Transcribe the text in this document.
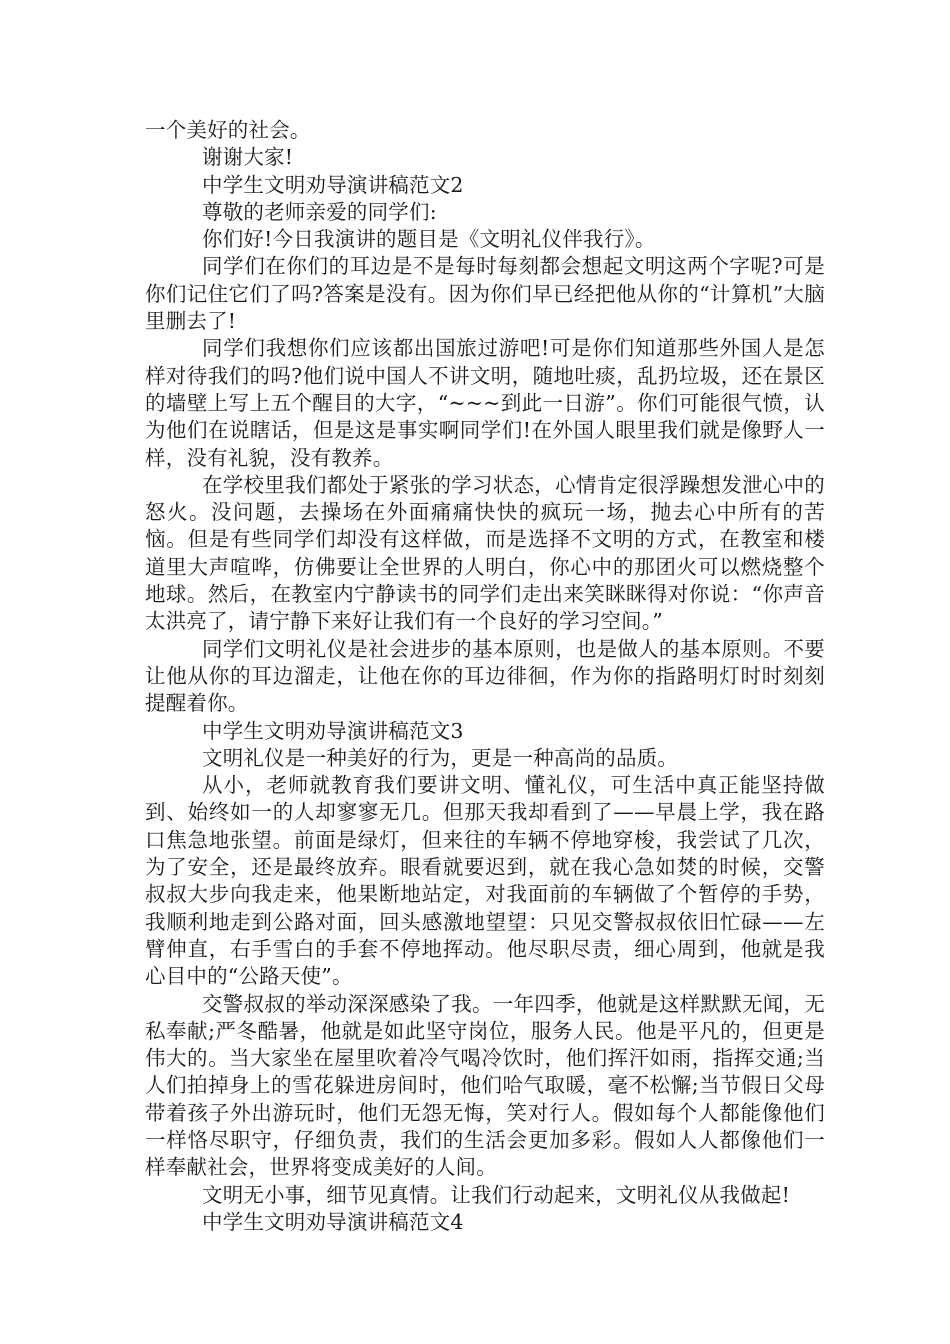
一个美好的社会。

谢谢大家!

中学生文明劝导演讲稿范文2

尊敬的老师亲爱的同学们:

你们好!今日我演讲的题目是《文明礼仪伴我行》。

同学们在你们的耳边是不是每时每刻都会想起文明这两个字呢?可是你们记住它们了吗?答案是没有。因为你们早已经把他从你的“计算机”大脑里删去了!

同学们我想你们应该都出国旅过游吧!可是你们知道那些外国人是怎样对待我们的吗?他们说中国人不讲文明，随地吐痰，乱扔垃圾，还在景区的墙壁上写上五个醒目的大字，“~~~到此一日游”。你们可能很气愤，认为他们在说瞎话，但是这是事实啊同学们!在外国人眼里我们就是像野人一样，没有礼貌，没有教养。

在学校里我们都处于紧张的学习状态，心情肯定很浮躁想发泄心中的怒火。没问题，去操场在外面痛痛快快的疯玩一场，抛去心中所有的苦恼。但是有些同学们却没有这样做，而是选择不文明的方式，在教室和楼道里大声喧哗，仿佛要让全世界的人明白，你心中的那团火可以燃烧整个地球。然后，在教室内宁静读书的同学们走出来笑眯眯得对你说：“你声音太洪亮了，请宁静下来好让我们有一个良好的学习空间。”

同学们文明礼仪是社会进步的基本原则，也是做人的基本原则。不要让他从你的耳边溜走，让他在你的耳边徘徊，作为你的指路明灯时时刻刻提醒着你。

中学生文明劝导演讲稿范文3

文明礼仪是一种美好的行为，更是一种高尚的品质。

从小，老师就教育我们要讲文明、懂礼仪，可生活中真正能坚持做到、始终如一的人却寥寥无几。但那天我却看到了——早晨上学，我在路口焦急地张望。前面是绿灯，但来往的车辆不停地穿梭，我尝试了几次，为了安全，还是最终放弃。眼看就要迟到，就在我心急如焚的时候，交警叔叔大步向我走来，他果断地站定，对我面前的车辆做了个暂停的手势，我顺利地走到公路对面，回头感激地望望：只见交警叔叔依旧忙碌——左臂伸直，右手雪白的手套不停地挥动。他尽职尽责，细心周到，他就是我心目中的“公路天使”。

交警叔叔的举动深深感染了我。一年四季，他就是这样默默无闻，无私奉献;严冬酷暑，他就是如此坚守岗位，服务人民。他是平凡的，但更是伟大的。当大家坐在屋里吹着冷气喝冷饮时，他们挥汗如雨，指挥交通;当人们拍掉身上的雪花躲进房间时，他们哈气取暖，毫不松懈;当节假日父母带着孩子外出游玩时，他们无怨无悔，笑对行人。假如每个人都能像他们一样恪尽职守，仔细负责，我们的生活会更加多彩。假如人人都像他们一样奉献社会，世界将变成美好的人间。

文明无小事，细节见真情。让我们行动起来，文明礼仪从我做起!

中学生文明劝导演讲稿范文4
